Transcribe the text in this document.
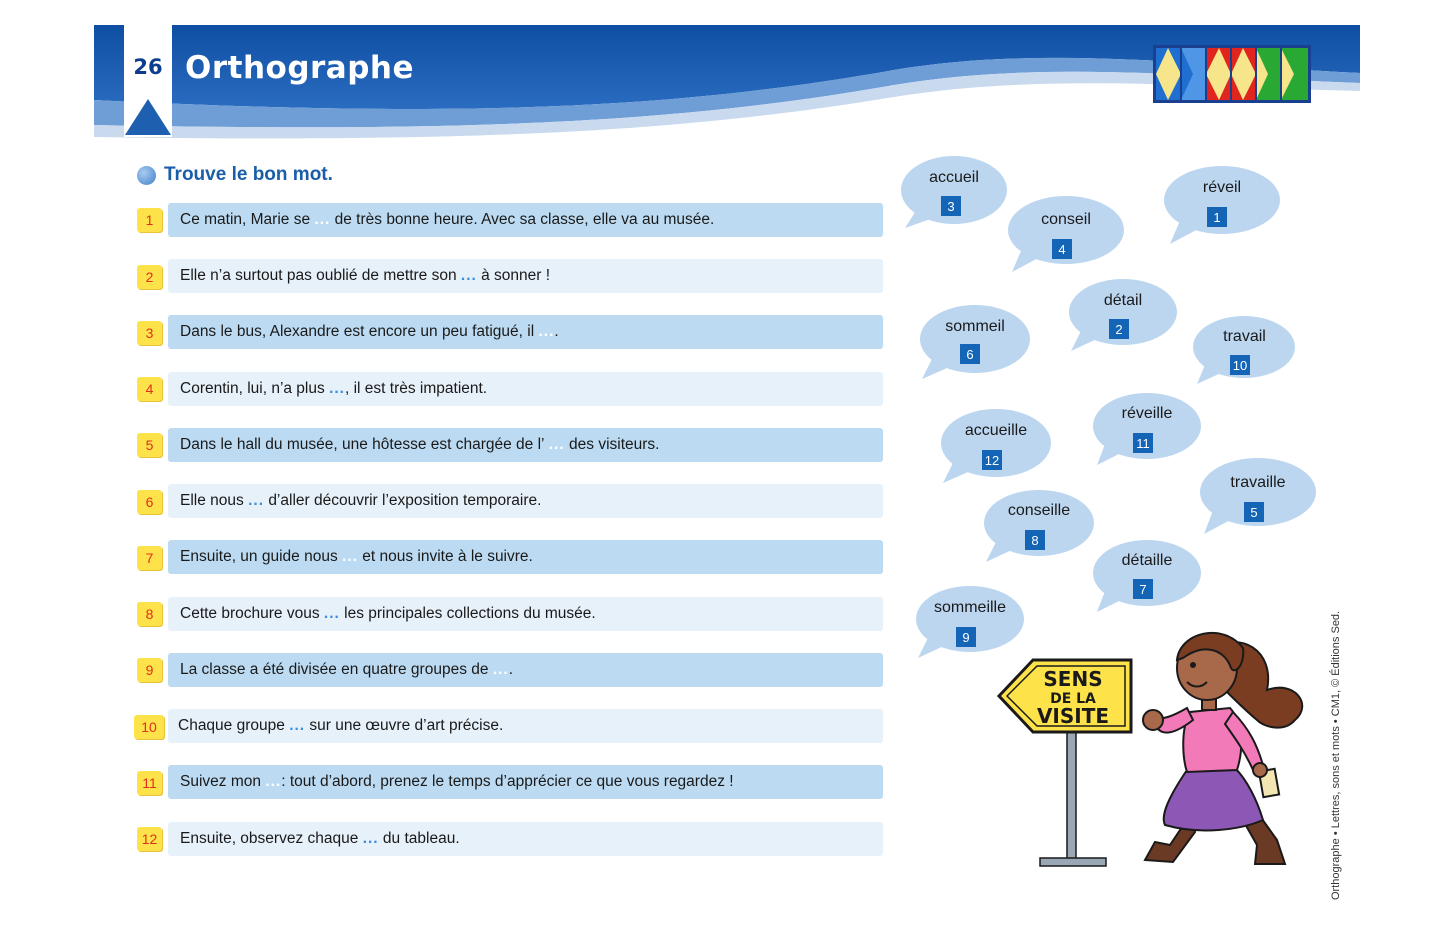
26 Orthographe
Trouve le bon mot.
1	Ce matin, Marie se
...
de très bonne heure. Avec sa classe, elle va au musée.
2	Elle n’a surtout pas oublié de mettre son
...
à sonner !
3	Dans le bus, Alexandre est encore un peu fatigué, il
... .
4	Corentin, lui, n’a plus
... , il est très impatient.
5	Dans le hall du musée, une hôtesse est chargée de l’
...
des visiteurs.
6	Elle nous
...
d’aller découvrir l’exposition temporaire.
7	Ensuite, un guide nous
...
et nous invite à le suivre.
8	Cette brochure vous
...
les principales collections du musée.
9	La classe a été divisée en quatre groupes de
... .
10	Chaque groupe
...
sur une œuvre d’art précise.
11	Suivez mon
... : tout d’abord, prenez le temps d’apprécier ce que vous regardez !
12	Ensuite, observez chaque
...
du tableau.
accueil
3
conseil
4
réveil
1
détail
2
sommeil
6
travail
10
réveille
11
accueille
12
travaille
5
conseille
8
détaille
7
sommeille
9
SENS
DE LA
VISITE	Orthographe • Lettres, sons et mots • CM1, © Éditions Sed.
